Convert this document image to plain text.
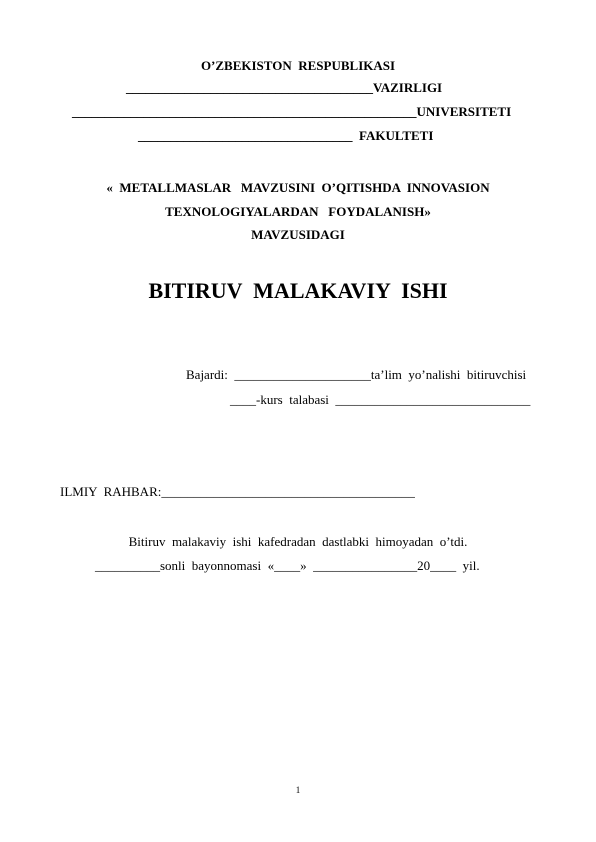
O’ZBEKISTON  RESPUBLIKASI
______________________________________VAZIRLIGI
_____________________________________________________UNIVERSITETI
_________________________________  FAKULTETI
«  METALLMASLAR   MAVZUSINI  O’QITISHDA  INNOVASION
TEXNOLOGIYALARDAN   FOYDALANISH»
MAVZUSIDAGI
BITIRUV  MALAKAVIY  ISHI
Bajardi:  _____________________ta’lim  yo’nalishi  bitiruvchisi
____-kurs  talabasi  ______________________________
ILMIY  RAHBAR:_______________________________________
Bitiruv  malakaviy  ishi  kafedradan  dastlabki  himoyadan  o’tdi.
__________sonli  bayonnomasi  «____»  ________________20____  yil.
1
